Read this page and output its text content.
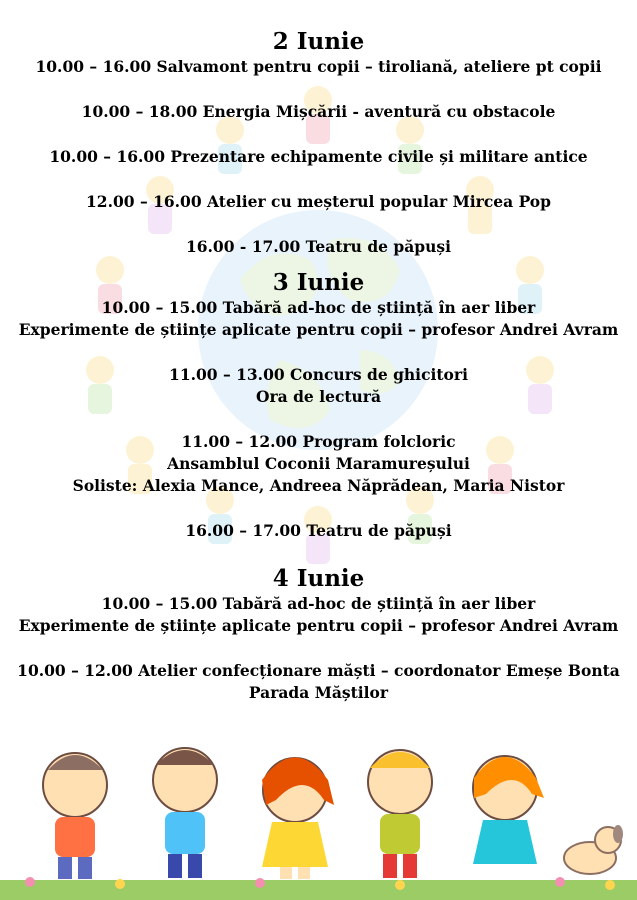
2 Iunie

10.00 – 16.00 Salvamont pentru copii – tiroliană, ateliere pt copii

10.00 – 18.00 Energia Mișcării - aventură cu obstacole

10.00 – 16.00 Prezentare echipamente civile și militare antice

12.00 – 16.00 Atelier cu meșterul popular Mircea Pop

16.00 - 17.00 Teatru de păpuși

3 Iunie

10.00 – 15.00 Tabără ad-hoc de știință în aer liber

Experimente de științe aplicate pentru copii – profesor Andrei Avram

11.00 – 13.00 Concurs de ghicitori

Ora de lectură

11.00 – 12.00 Program folcloric

Ansamblul Coconii Maramureșului

Soliste: Alexia Mance, Andreea Năprădean, Maria Nistor

16.00 – 17.00 Teatru de păpuși

4 Iunie

10.00 – 15.00 Tabără ad-hoc de știință în aer liber

Experimente de științe aplicate pentru copii – profesor Andrei Avram

10.00 – 12.00 Atelier confecționare măști – coordonator Emeșe Bonta

Parada Măștilor
